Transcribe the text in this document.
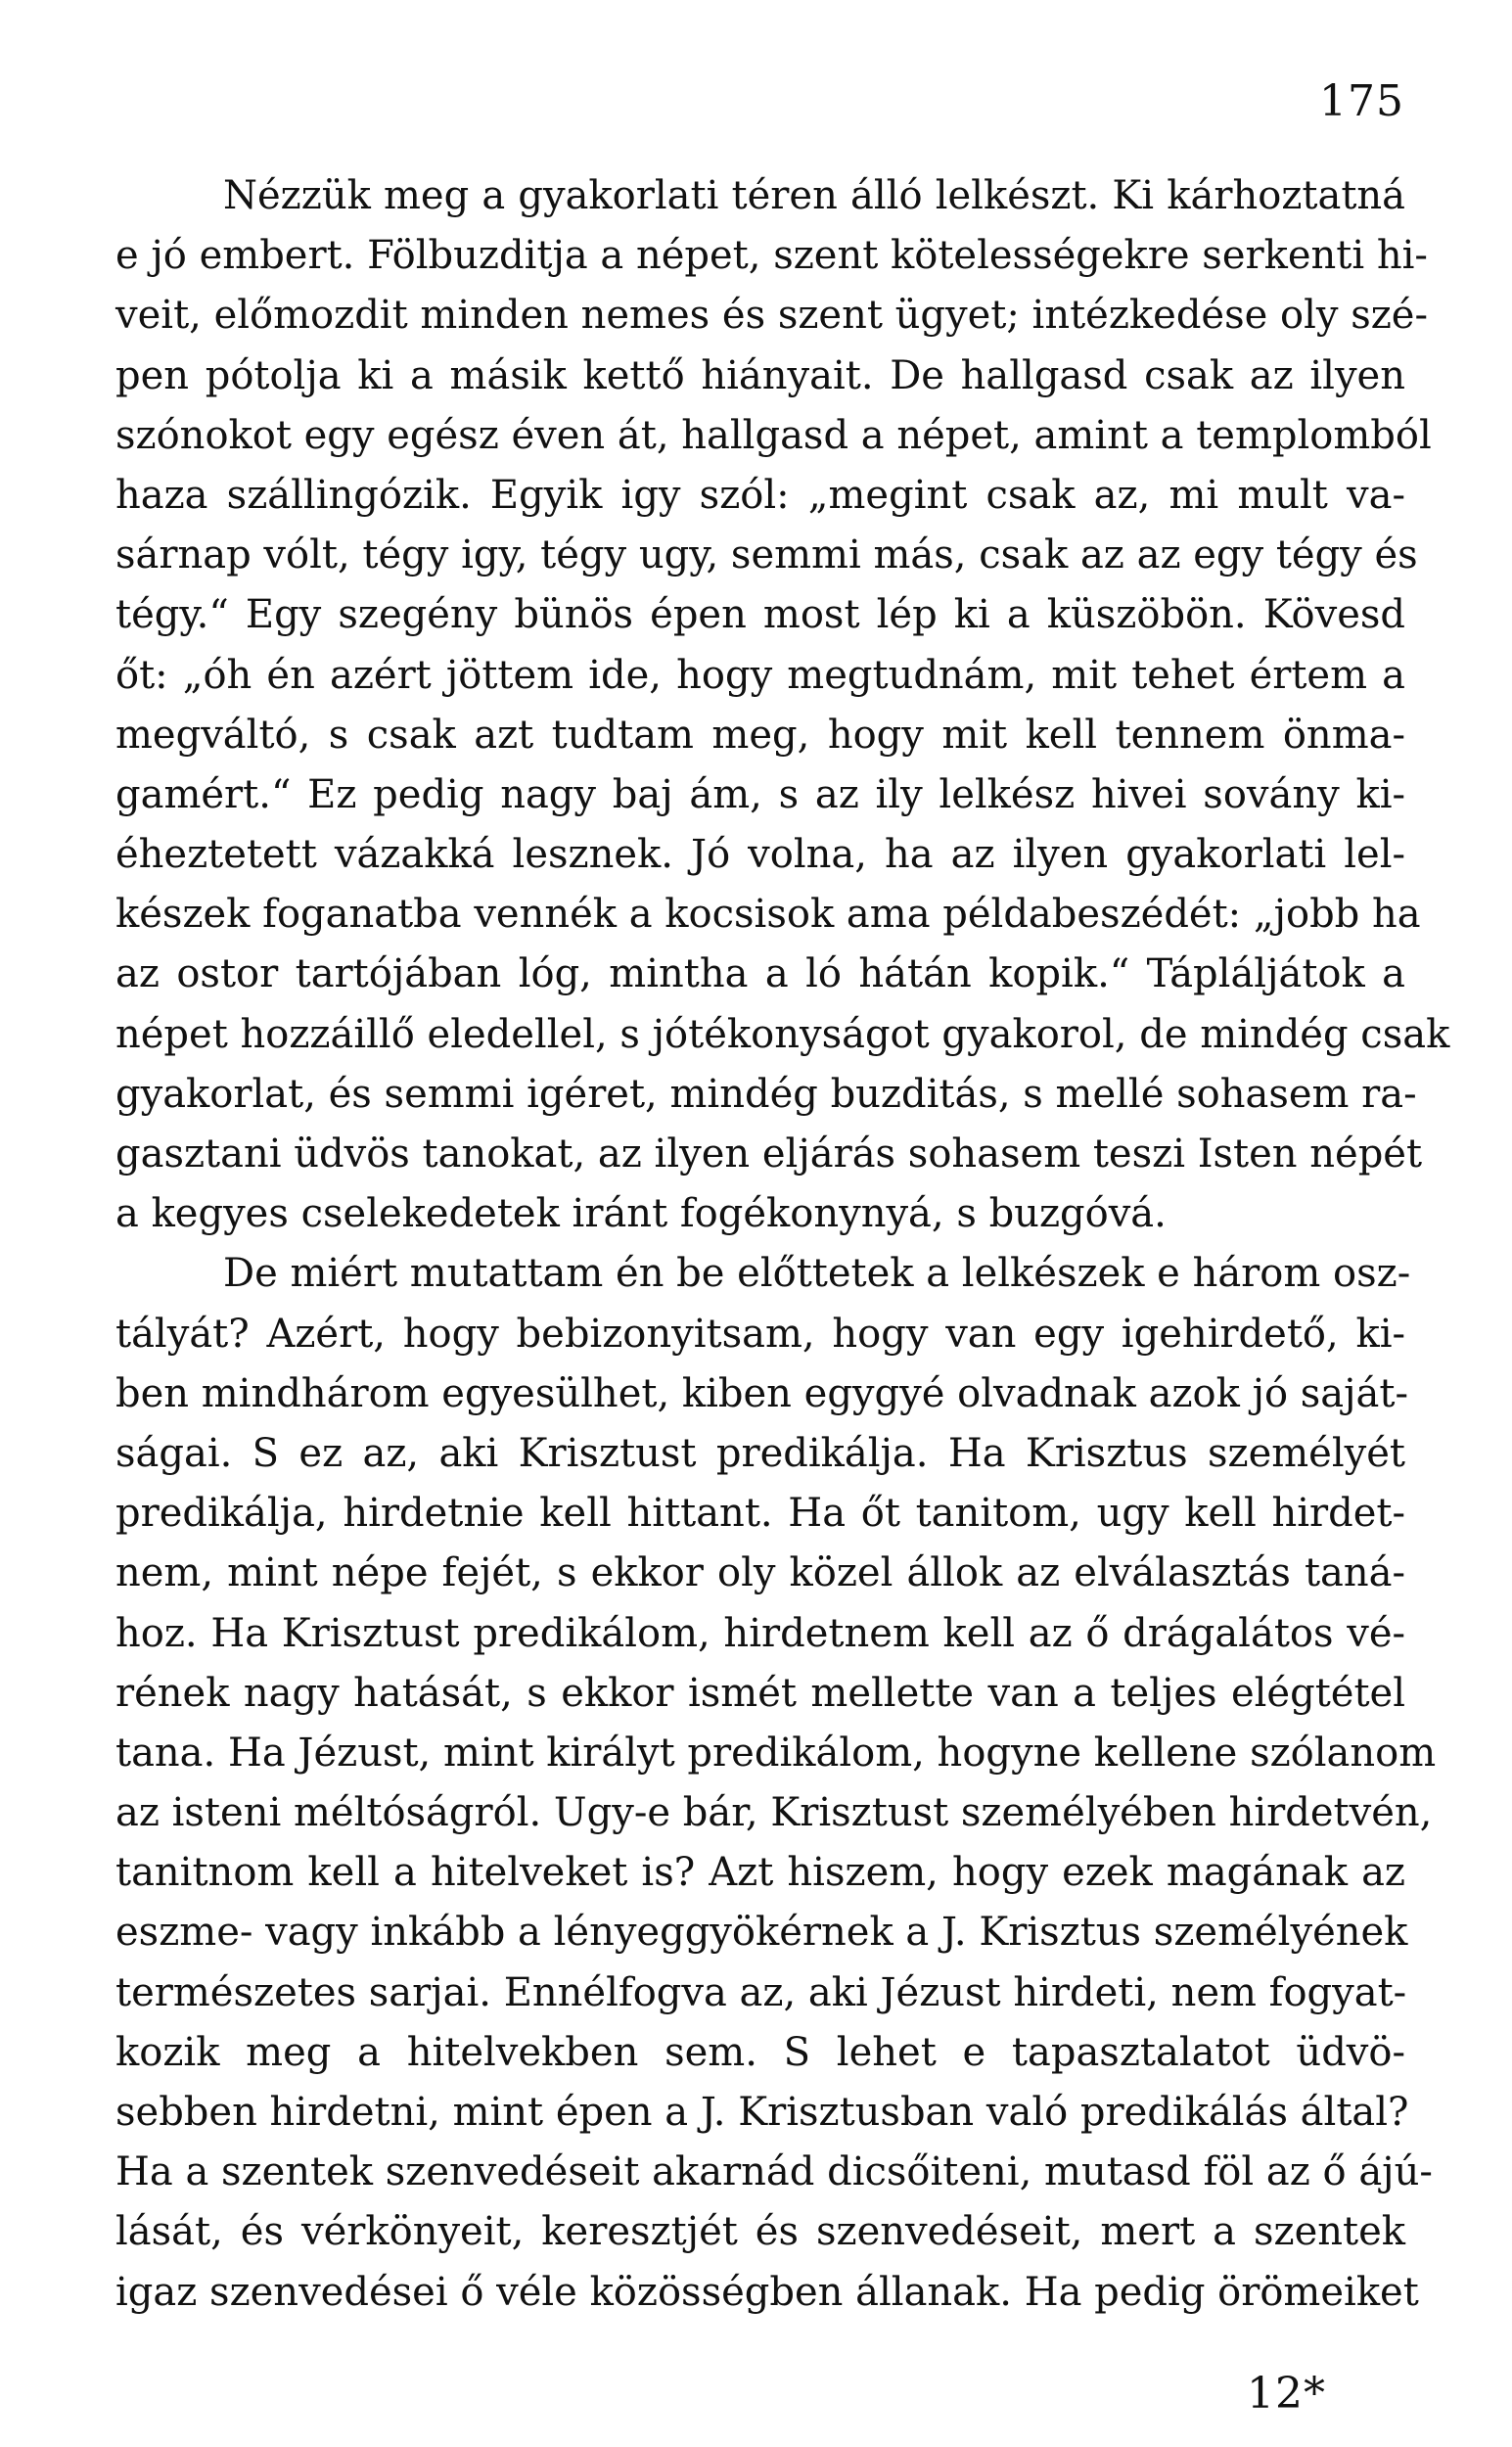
175
Nézzük meg a gyakorlati téren álló lelkészt. Ki kárhoztatná
e jó embert. Fölbuzditja a népet, szent kötelességekre serkenti hi-
veit, előmozdit minden nemes és szent ügyet; intézkedése oly szé-
pen pótolja ki a másik kettő hiányait. De hallgasd csak az ilyen
szónokot egy egész éven át, hallgasd a népet, amint a templomból
haza szállingózik. Egyik igy szól: „megint csak az, mi mult va-
sárnap vólt, tégy igy, tégy ugy, semmi más, csak az az egy tégy és
tégy.“ Egy szegény bünös épen most lép ki a küszöbön. Kövesd
őt: „óh én azért jöttem ide, hogy megtudnám, mit tehet értem a
megváltó, s csak azt tudtam meg, hogy mit kell tennem önma-
gamért.“ Ez pedig nagy baj ám, s az ily lelkész hivei sovány ki-
éheztetett vázakká lesznek. Jó volna, ha az ilyen gyakorlati lel-
készek foganatba vennék a kocsisok ama példabeszédét: „jobb ha
az ostor tartójában lóg, mintha a ló hátán kopik.“ Tápláljátok a
népet hozzáillő eledellel, s jótékonyságot gyakorol, de mindég csak
gyakorlat, és semmi igéret, mindég buzditás, s mellé sohasem ra-
gasztani üdvös tanokat, az ilyen eljárás sohasem teszi Isten népét
a kegyes cselekedetek iránt fogékonynyá, s buzgóvá.
De miért mutattam én be előttetek a lelkészek e három osz-
tályát? Azért, hogy bebizonyitsam, hogy van egy igehirdető, ki-
ben mindhárom egyesülhet, kiben egygyé olvadnak azok jó saját-
ságai. S ez az, aki Krisztust predikálja. Ha Krisztus személyét
predikálja, hirdetnie kell hittant. Ha őt tanitom, ugy kell hirdet-
nem, mint népe fejét, s ekkor oly közel állok az elválasztás taná-
hoz. Ha Krisztust predikálom, hirdetnem kell az ő drágalátos vé-
rének nagy hatását, s ekkor ismét mellette van a teljes elégtétel
tana. Ha Jézust, mint királyt predikálom, hogyne kellene szólanom
az isteni méltóságról. Ugy-e bár, Krisztust személyében hirdetvén,
tanitnom kell a hitelveket is? Azt hiszem, hogy ezek magának az
eszme- vagy inkább a lényeggyökérnek a J. Krisztus személyének
természetes sarjai. Ennélfogva az, aki Jézust hirdeti, nem fogyat-
kozik meg a hitelvekben sem. S lehet e tapasztalatot üdvö-
sebben hirdetni, mint épen a J. Krisztusban való predikálás által?
Ha a szentek szenvedéseit akarnád dicsőiteni, mutasd föl az ő ájú-
lását, és vérkönyeit, keresztjét és szenvedéseit, mert a szentek
igaz szenvedései ő véle közösségben állanak. Ha pedig örömeiket
12*
